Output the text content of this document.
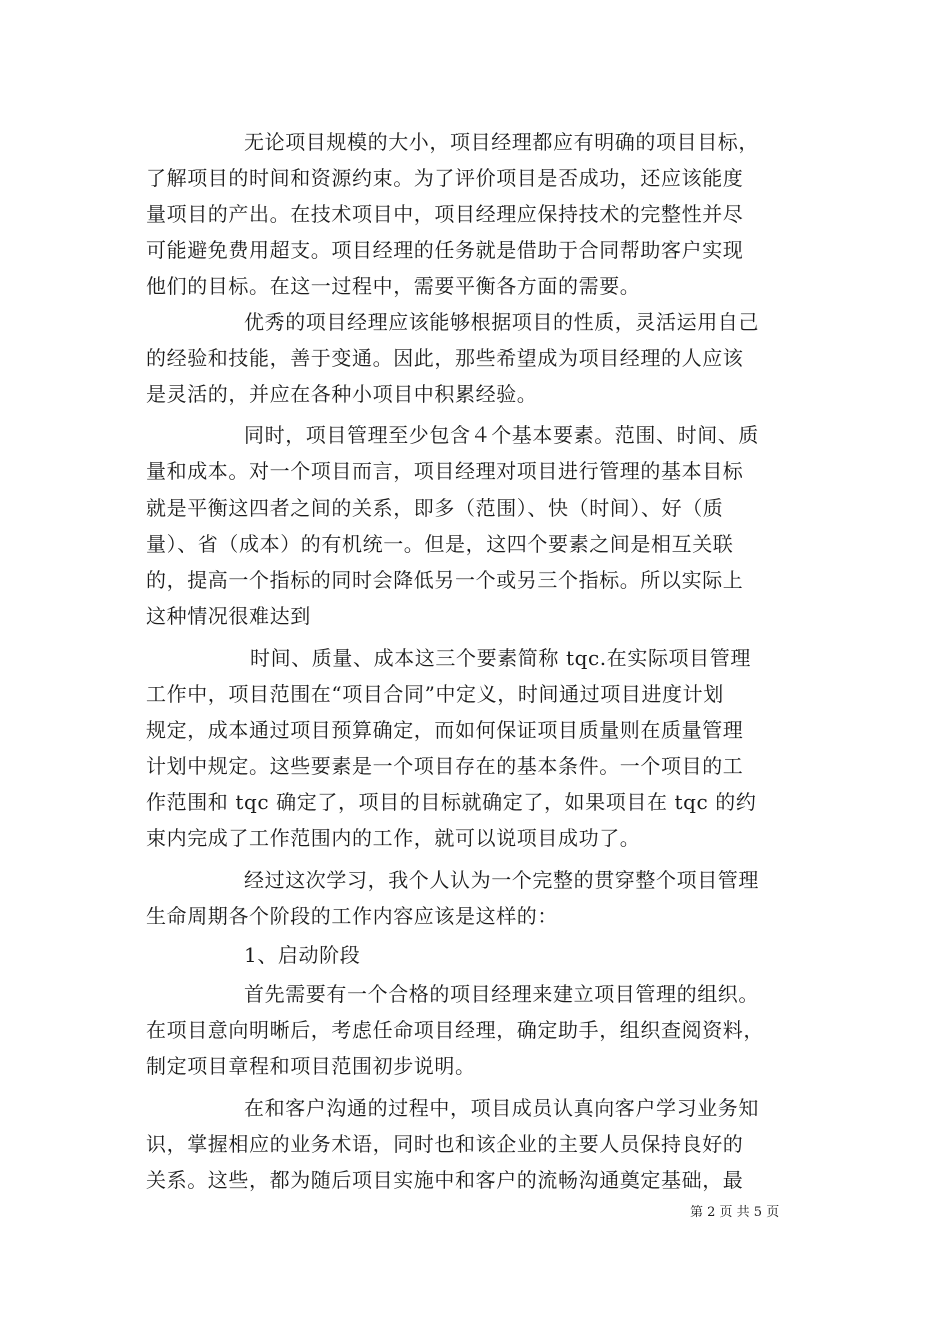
无论项目规模的大小，项目经理都应有明确的项目目标，
了解项目的时间和资源约束。为了评价项目是否成功，还应该能度
量项目的产出。在技术项目中，项目经理应保持技术的完整性并尽
可能避免费用超支。项目经理的任务就是借助于合同帮助客户实现
他们的目标。在这一过程中，需要平衡各方面的需要。
优秀的项目经理应该能够根据项目的性质，灵活运用自己
的经验和技能，善于变通。因此，那些希望成为项目经理的人应该
是灵活的，并应在各种小项目中积累经验。
同时，项目管理至少包含４个基本要素。范围、时间、质
量和成本。对一个项目而言，项目经理对项目进行管理的基本目标
就是平衡这四者之间的关系，即多（范围）、快（时间）、好（质
量）、省（成本）的有机统一。但是，这四个要素之间是相互关联
的，提高一个指标的同时会降低另一个或另三个指标。所以实际上
这种情况很难达到
时间、质量、成本这三个要素简称 tqc.在实际项目管理
工作中，项目范围在“项目合同”中定义，时间通过项目进度计划
规定，成本通过项目预算确定，而如何保证项目质量则在质量管理
计划中规定。这些要素是一个项目存在的基本条件。一个项目的工
作范围和 tqc 确定了，项目的目标就确定了，如果项目在 tqc 的约
束内完成了工作范围内的工作，就可以说项目成功了。
经过这次学习，我个人认为一个完整的贯穿整个项目管理
生命周期各个阶段的工作内容应该是这样的：
1、启动阶段
首先需要有一个合格的项目经理来建立项目管理的组织。
在项目意向明晰后，考虑任命项目经理，确定助手，组织查阅资料，
制定项目章程和项目范围初步说明。
在和客户沟通的过程中，项目成员认真向客户学习业务知
识，掌握相应的业务术语，同时也和该企业的主要人员保持良好的
关系。这些，都为随后项目实施中和客户的流畅沟通奠定基础，最
第 2 页 共 5 页
